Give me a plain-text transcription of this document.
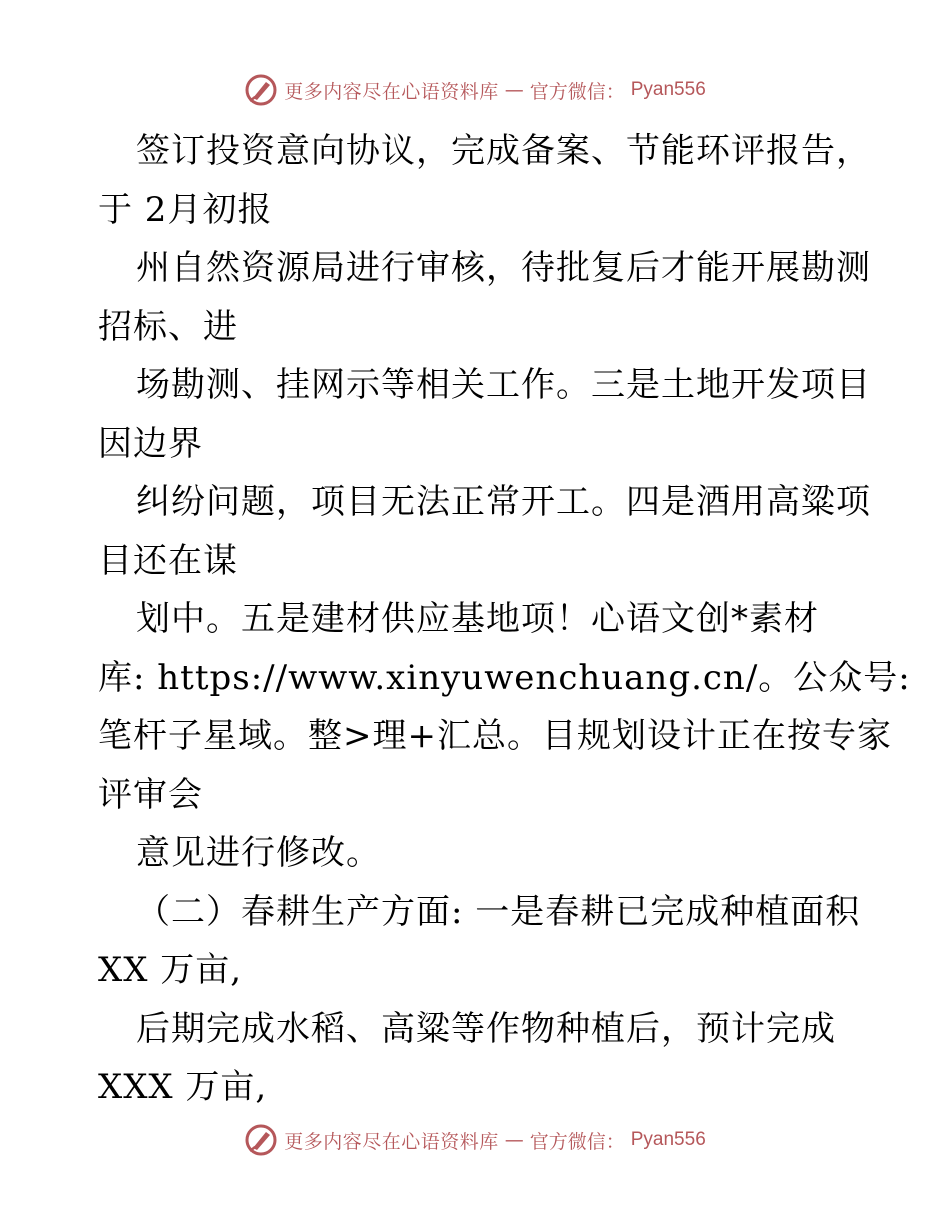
更多内容尽在心语资料库 — 官方微信： Pyan556
签订投资意向协议，完成备案、节能环评报告，
于 2月初报
州自然资源局进行审核，待批复后才能开展勘测
招标、进
场勘测、挂网示等相关工作。三是土地开发项目
因边界
纠纷问题，项目无法正常开工。四是酒用高粱项
目还在谋
划中。五是建材供应基地项！心语文创*素材
库: https://www.xinyuwenchuang.cn/。公众号:
笔杆子星域。整>理+汇总。目规划设计正在按专家
评审会
意见进行修改。
（二）春耕生产方面: 一是春耕已完成种植面积
XX 万亩,
后期完成水稻、高粱等作物种植后，预计完成
XXX 万亩,
更多内容尽在心语资料库 — 官方微信： Pyan556
